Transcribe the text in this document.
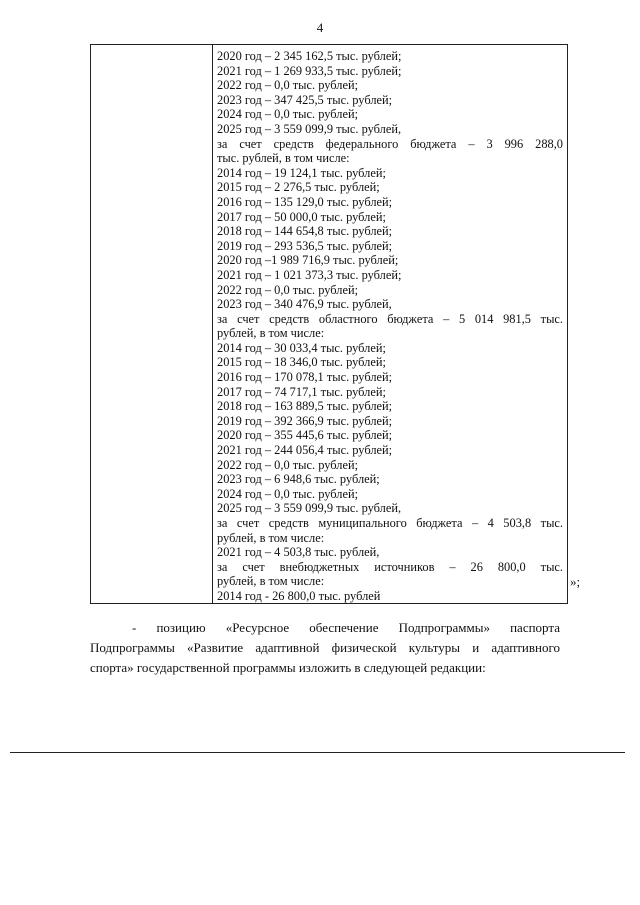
4
2020 год – 2 345 162,5 тыс. рублей;
2021 год – 1 269 933,5 тыс. рублей;
2022 год – 0,0 тыс. рублей;
2023 год – 347 425,5 тыс. рублей;
2024 год – 0,0 тыс. рублей;
2025 год – 3 559 099,9 тыс. рублей,
за счет средств федерального бюджета – 3 996 288,0
тыс. рублей, в том числе:
2014 год – 19 124,1 тыс. рублей;
2015 год – 2 276,5 тыс. рублей;
2016 год – 135 129,0 тыс. рублей;
2017 год – 50 000,0 тыс. рублей;
2018 год – 144 654,8 тыс. рублей;
2019 год – 293 536,5 тыс. рублей;
2020 год –1 989 716,9 тыс. рублей;
2021 год – 1 021 373,3 тыс. рублей;
2022 год – 0,0 тыс. рублей;
2023 год – 340 476,9 тыс. рублей,
за счет средств областного бюджета – 5 014 981,5 тыс.
рублей, в том числе:
2014 год – 30 033,4 тыс. рублей;
2015 год – 18 346,0 тыс. рублей;
2016 год – 170 078,1 тыс. рублей;
2017 год – 74 717,1 тыс. рублей;
2018 год – 163 889,5 тыс. рублей;
2019 год – 392 366,9 тыс. рублей;
2020 год – 355 445,6 тыс. рублей;
2021 год – 244 056,4 тыс. рублей;
2022 год – 0,0 тыс. рублей;
2023 год – 6 948,6 тыс. рублей;
2024 год – 0,0 тыс. рублей;
2025 год – 3 559 099,9 тыс. рублей,
за счет средств муниципального бюджета – 4 503,8 тыс.
рублей, в том числе:
2021 год – 4 503,8 тыс. рублей,
за счет внебюджетных источников – 26 800,0 тыс.
рублей, в том числе:
2014 год - 26 800,0 тыс. рублей
»;
- позицию «Ресурсное обеспечение Подпрограммы» паспорта
Подпрограммы «Развитие адаптивной физической культуры и адаптивного
спорта» государственной программы изложить в следующей редакции:
